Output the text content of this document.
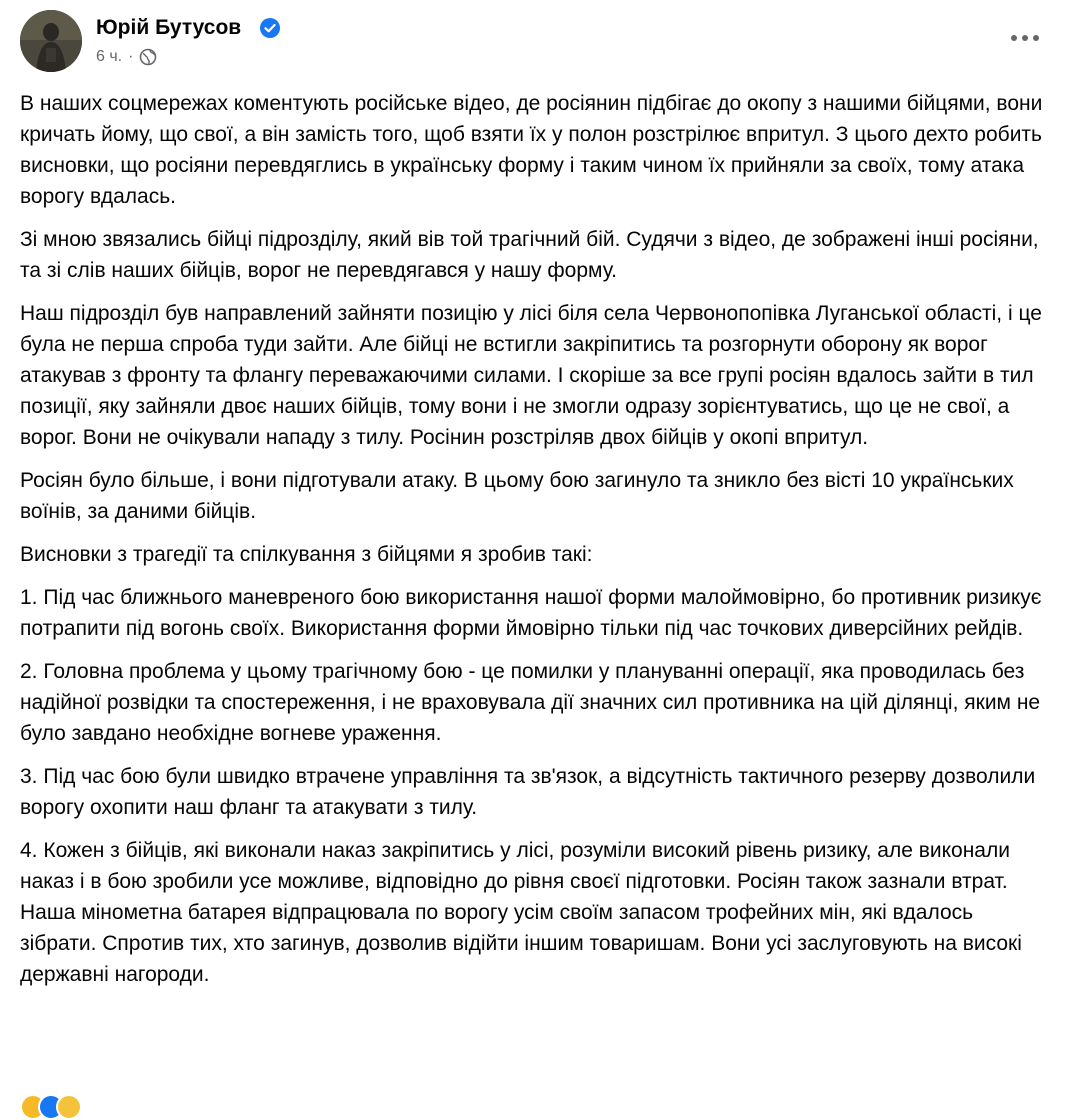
Юрій Бутусов
6 ч. ·

В наших соцмережах коментують російське відео, де росіянин підбігає до окопу з нашими бійцями, вони кричать йому, що свої, а він замість того, щоб взяти їх у полон розстрілює впритул. З цього дехто робить висновки, що росіяни перевдяглись в українську форму і таким чином їх прийняли за своїх, тому атака ворогу вдалась.

Зі мною звязались бійці підрозділу, який вів той трагічний бій. Судячи з відео, де зображені інші росіяни, та зі слів наших бійців, ворог не перевдягався у нашу форму.

Наш підрозділ був направлений зайняти позицію у лісі біля села Червонопопівка Луганської області, і це була не перша спроба туди зайти. Але бійці не встигли закріпитись та розгорнути оборону як ворог атакував з фронту та флангу переважаючими силами. І скоріше за все групі росіян вдалось зайти в тил позиції, яку зайняли двоє наших бійців, тому вони і не змогли одразу зорієнтуватись, що це не свої, а ворог. Вони не очікували нападу з тилу. Росінин розстріляв двох бійців у окопі впритул.

Росіян було більше, і вони підготували атаку. В цьому бою загинуло та зникло без вісті 10 українських воїнів, за даними бійців.

Висновки з трагедії та спілкування з бійцями я зробив такі:

1. Під час ближнього маневреного бою використання нашої форми малоймовірно, бо противник ризикує потрапити під вогонь своїх. Використання форми ймовірно тільки під час точкових диверсійних рейдів.

2. Головна проблема у цьому трагічному бою - це помилки у плануванні операції, яка проводилась без надійної розвідки та спостереження, і не враховувала дії значних сил противника на цій ділянці, яким не було завдано необхідне вогневе ураження.

3. Під час бою були швидко втрачене управління та зв'язок, а відсутність тактичного резерву дозволили ворогу охопити наш фланг та атакувати з тилу.

4. Кожен з бійців, які виконали наказ закріпитись у лісі, розуміли високий рівень ризику, але виконали наказ і в бою зробили усе можливе, відповідно до рівня своєї підготовки. Росіян також зазнали втрат. Наша мінометна батарея відпрацювала по ворогу усім своїм запасом трофейних мін, які вдалось зібрати. Спротив тих, хто загинув, дозволив відійти іншим товаришам. Вони усі заслуговують на високі державні нагороди.
